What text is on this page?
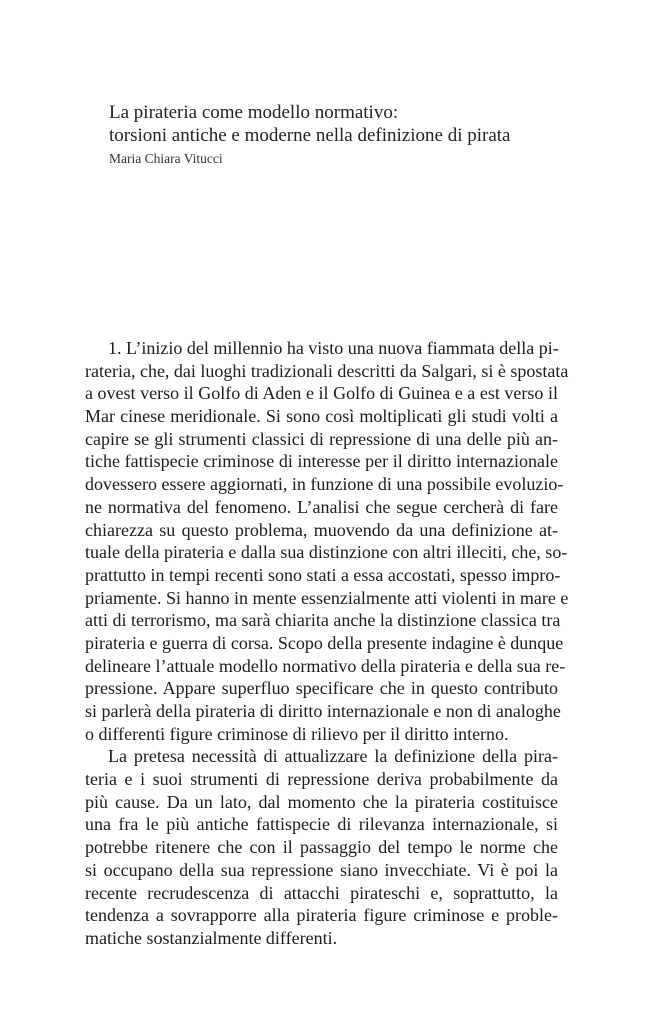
La pirateria come modello normativo:
torsioni antiche e moderne nella definizione di pirata
Maria Chiara Vitucci
1. L’inizio del millennio ha visto una nuova fiammata della pi-
rateria, che, dai luoghi tradizionali descritti da Salgari, si è spostata
a ovest verso il Golfo di Aden e il Golfo di Guinea e a est verso il
Mar cinese meridionale. Si sono così moltiplicati gli studi volti a
capire se gli strumenti classici di repressione di una delle più an-
tiche fattispecie criminose di interesse per il diritto internazionale
dovessero essere aggiornati, in funzione di una possibile evoluzio-
ne normativa del fenomeno. L’analisi che segue cercherà di fare
chiarezza su questo problema, muovendo da una definizione at-
tuale della pirateria e dalla sua distinzione con altri illeciti, che, so-
prattutto in tempi recenti sono stati a essa accostati, spesso impro-
priamente. Si hanno in mente essenzialmente atti violenti in mare e
atti di terrorismo, ma sarà chiarita anche la distinzione classica tra
pirateria e guerra di corsa. Scopo della presente indagine è dunque
delineare l’attuale modello normativo della pirateria e della sua re-
pressione. Appare superfluo specificare che in questo contributo
si parlerà della pirateria di diritto internazionale e non di analoghe
o differenti figure criminose di rilievo per il diritto interno.
La pretesa necessità di attualizzare la definizione della pira-
teria e i suoi strumenti di repressione deriva probabilmente da
più cause. Da un lato, dal momento che la pirateria costituisce
una fra le più antiche fattispecie di rilevanza internazionale, si
potrebbe ritenere che con il passaggio del tempo le norme che
si occupano della sua repressione siano invecchiate. Vi è poi la
recente recrudescenza di attacchi pirateschi e, soprattutto, la
tendenza a sovrapporre alla pirateria figure criminose e proble-
matiche sostanzialmente differenti.
